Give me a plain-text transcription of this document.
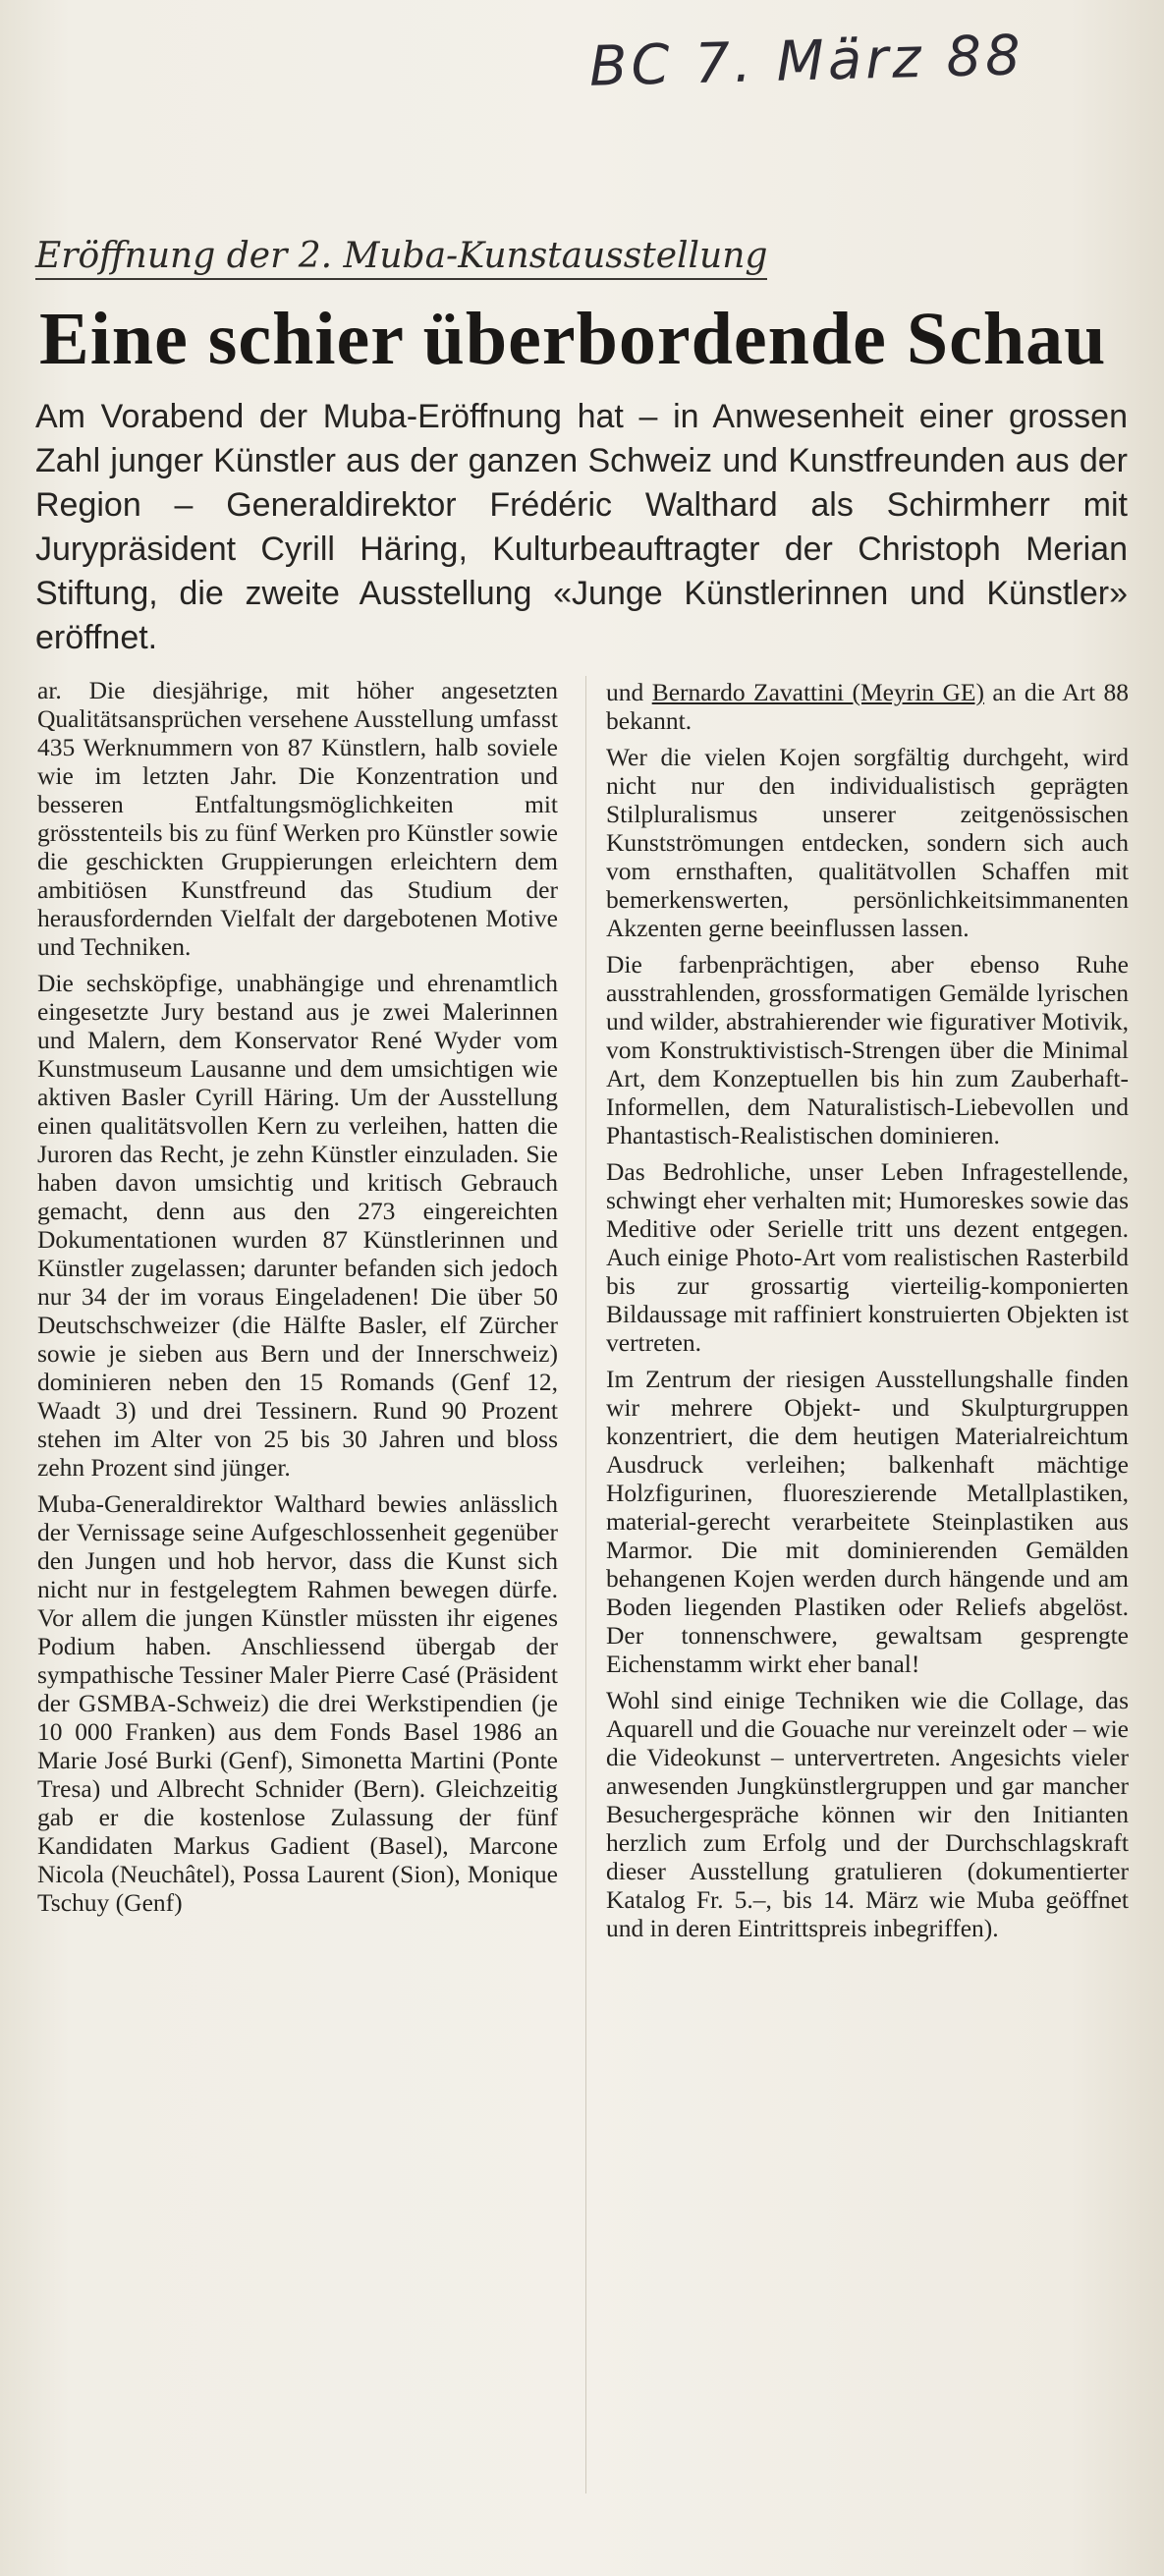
BC 7. März 88
Eröffnung der 2. Muba-Kunstausstellung
Eine schier überbordende Schau
Am Vorabend der Muba-Eröffnung hat – in Anwesenheit einer grossen Zahl junger Künstler aus der ganzen Schweiz und Kunstfreunden aus der Region – Generaldirektor Frédéric Walthard als Schirmherr mit Jurypräsident Cyrill Häring, Kulturbeauftragter der Christoph Merian Stiftung, die zweite Ausstellung «Junge Künstlerinnen und Künstler» eröffnet.

ar. Die diesjährige, mit höher angesetzten Qualitätsansprüchen versehene Ausstellung umfasst 435 Werknummern von 87 Künstlern, halb soviele wie im letzten Jahr. Die Konzentration und besseren Entfaltungsmöglichkeiten mit grösstenteils bis zu fünf Werken pro Künstler sowie die geschickten Gruppierungen erleichtern dem ambitiösen Kunstfreund das Studium der herausfordernden Vielfalt der dargebotenen Motive und Techniken.

Die sechsköpfige, unabhängige und ehrenamtlich eingesetzte Jury bestand aus je zwei Malerinnen und Malern, dem Konservator René Wyder vom Kunstmuseum Lausanne und dem umsichtigen wie aktiven Basler Cyrill Häring. Um der Ausstellung einen qualitätsvollen Kern zu verleihen, hatten die Juroren das Recht, je zehn Künstler einzuladen. Sie haben davon umsichtig und kritisch Gebrauch gemacht, denn aus den 273 eingereichten Dokumentationen wurden 87 Künstlerinnen und Künstler zugelassen; darunter befanden sich jedoch nur 34 der im voraus Eingeladenen! Die über 50 Deutschschweizer (die Hälfte Basler, elf Zürcher sowie je sieben aus Bern und der Innerschweiz) dominieren neben den 15 Romands (Genf 12, Waadt 3) und drei Tessinern. Rund 90 Prozent stehen im Alter von 25 bis 30 Jahren und bloss zehn Prozent sind jünger.

Muba-Generaldirektor Walthard bewies anlässlich der Vernissage seine Aufgeschlossenheit gegenüber den Jungen und hob hervor, dass die Kunst sich nicht nur in festgelegtem Rahmen bewegen dürfe. Vor allem die jungen Künstler müssten ihr eigenes Podium haben. Anschliessend übergab der sympathische Tessiner Maler Pierre Casé (Präsident der GSMBA-Schweiz) die drei Werkstipendien (je 10 000 Franken) aus dem Fonds Basel 1986 an Marie José Burki (Genf), Simonetta Martini (Ponte Tresa) und Albrecht Schnider (Bern). Gleichzeitig gab er die kostenlose Zulassung der fünf Kandidaten Markus Gadient (Basel), Marcone Nicola (Neuchâtel), Possa Laurent (Sion), Monique Tschuy (Genf)

und Bernardo Zavattini (Meyrin GE) an die Art 88 bekannt.

Wer die vielen Kojen sorgfältig durchgeht, wird nicht nur den individualistisch geprägten Stilpluralismus unserer zeitgenössischen Kunstströmungen entdecken, sondern sich auch vom ernsthaften, qualitätvollen Schaffen mit bemerkenswerten, persönlichkeitsimmanenten Akzenten gerne beeinflussen lassen.

Die farbenprächtigen, aber ebenso Ruhe ausstrahlenden, grossformatigen Gemälde lyrischen und wilder, abstrahierender wie figurativer Motivik, vom Konstruktivistisch-Strengen über die Minimal Art, dem Konzeptuellen bis hin zum Zauberhaft-Informellen, dem Naturalistisch-Liebevollen und Phantastisch-Realistischen dominieren.

Das Bedrohliche, unser Leben Infragestellende, schwingt eher verhalten mit; Humoreskes sowie das Meditive oder Serielle tritt uns dezent entgegen. Auch einige Photo-Art vom realistischen Rasterbild bis zur grossartig vierteilig-komponierten Bildaussage mit raffiniert konstruierten Objekten ist vertreten.

Im Zentrum der riesigen Ausstellungshalle finden wir mehrere Objekt- und Skulpturgruppen konzentriert, die dem heutigen Materialreichtum Ausdruck verleihen; balkenhaft mächtige Holzfigurinen, fluoreszierende Metallplastiken, material-gerecht verarbeitete Steinplastiken aus Marmor. Die mit dominierenden Gemälden behangenen Kojen werden durch hängende und am Boden liegenden Plastiken oder Reliefs abgelöst. Der tonnenschwere, gewaltsam gesprengte Eichenstamm wirkt eher banal!

Wohl sind einige Techniken wie die Collage, das Aquarell und die Gouache nur vereinzelt oder – wie die Videokunst – untervertreten. Angesichts vieler anwesenden Jungkünstlergruppen und gar mancher Besuchergespräche können wir den Initianten herzlich zum Erfolg und der Durchschlagskraft dieser Ausstellung gratulieren (dokumentierter Katalog Fr. 5.–, bis 14. März wie Muba geöffnet und in deren Eintrittspreis inbegriffen).
